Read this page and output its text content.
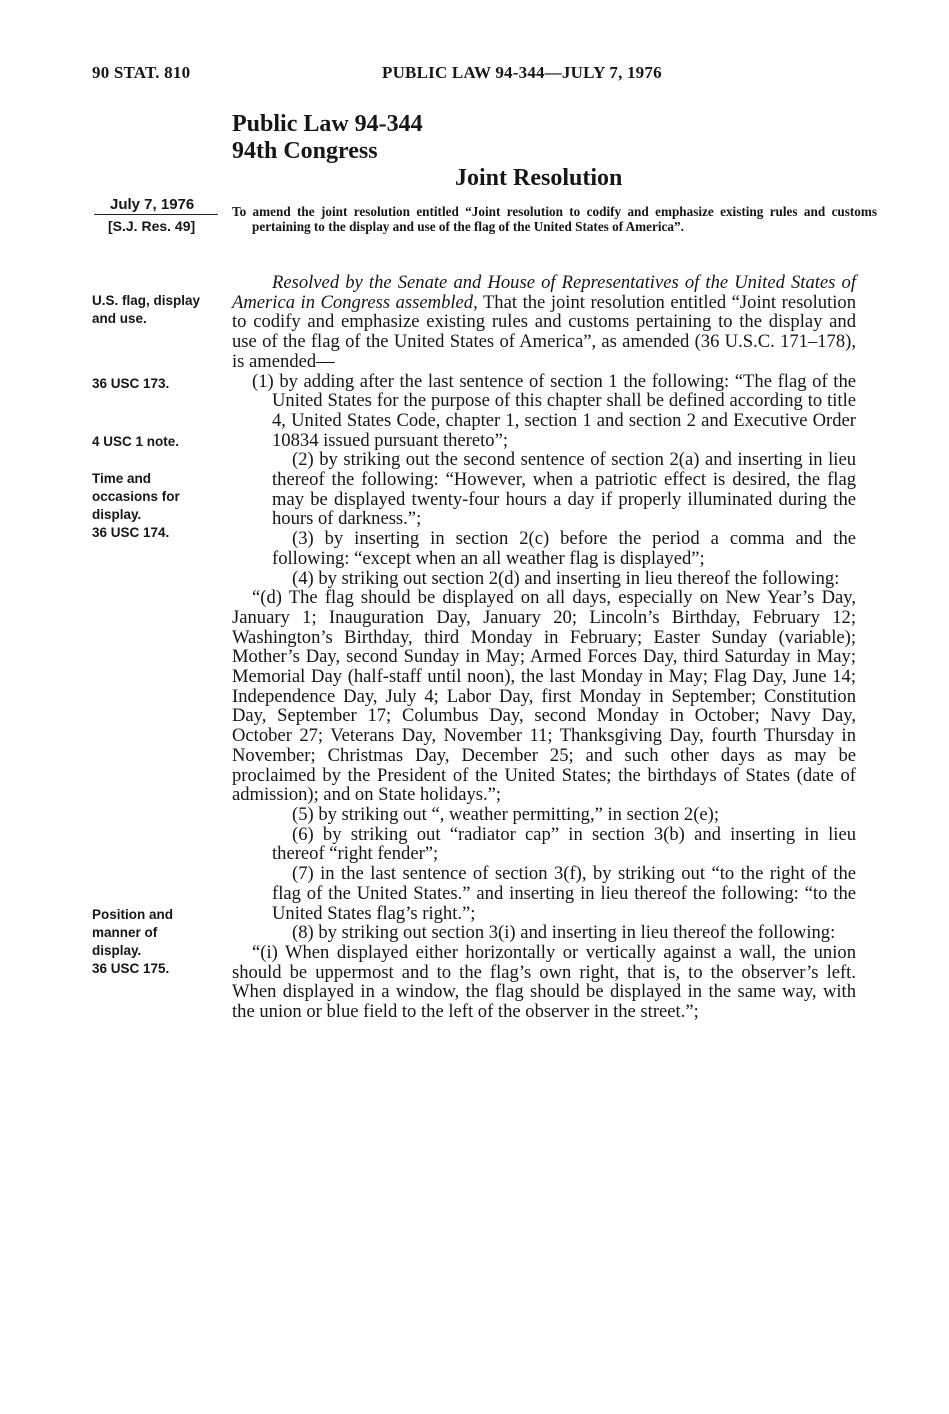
90 STAT. 810	PUBLIC LAW 94-344—JULY 7, 1976
Public Law 94-344
94th Congress
Joint Resolution
July 7, 1976
[S.J. Res. 49]
To amend the joint resolution entitled “Joint resolution to codify and emphasize existing rules and customs pertaining to the display and use of the flag of the United States of America”.
U.S. flag, display
and use.
36 USC 173.
4 USC 1 note.
Time and
occasions for
display.
36 USC 174.
Position and
manner of
display.
36 USC 175.

Resolved by the Senate and House of Representatives of the United States of America in Congress assembled, That the joint resolution entitled “Joint resolution to codify and emphasize existing rules and customs pertaining to the display and use of the flag of the United States of America”, as amended (36 U.S.C. 171–178), is amended—

(1) by adding after the last sentence of section 1 the following: “The flag of the United States for the purpose of this chapter shall be defined according to title 4, United States Code, chapter 1, section 1 and section 2 and Executive Order 10834 issued pursuant thereto”;

(2) by striking out the second sentence of section 2(a) and inserting in lieu thereof the following: “However, when a patriotic effect is desired, the flag may be displayed twenty-four hours a day if properly illuminated during the hours of darkness.”;

(3) by inserting in section 2(c) before the period a comma and the following: “except when an all weather flag is displayed”;

(4) by striking out section 2(d) and inserting in lieu thereof the following:

“(d) The flag should be displayed on all days, especially on New Year’s Day, January 1; Inauguration Day, January 20; Lincoln’s Birthday, February 12; Washington’s Birthday, third Monday in February; Easter Sunday (variable); Mother’s Day, second Sunday in May; Armed Forces Day, third Saturday in May; Memorial Day (half-staff until noon), the last Monday in May; Flag Day, June 14; Independence Day, July 4; Labor Day, first Monday in September; Constitution Day, September 17; Columbus Day, second Monday in October; Navy Day, October 27; Veterans Day, November 11; Thanksgiving Day, fourth Thursday in November; Christmas Day, December 25; and such other days as may be proclaimed by the President of the United States; the birthdays of States (date of admission); and on State holidays.”;

(5) by striking out “, weather permitting,” in section 2(e);

(6) by striking out “radiator cap” in section 3(b) and inserting in lieu thereof “right fender”;

(7) in the last sentence of section 3(f), by striking out “to the right of the flag of the United States.” and inserting in lieu thereof the following: “to the United States flag’s right.”;

(8) by striking out section 3(i) and inserting in lieu thereof the following:

“(i) When displayed either horizontally or vertically against a wall, the union should be uppermost and to the flag’s own right, that is, to the observer’s left. When displayed in a window, the flag should be displayed in the same way, with the union or blue field to the left of the observer in the street.”;
